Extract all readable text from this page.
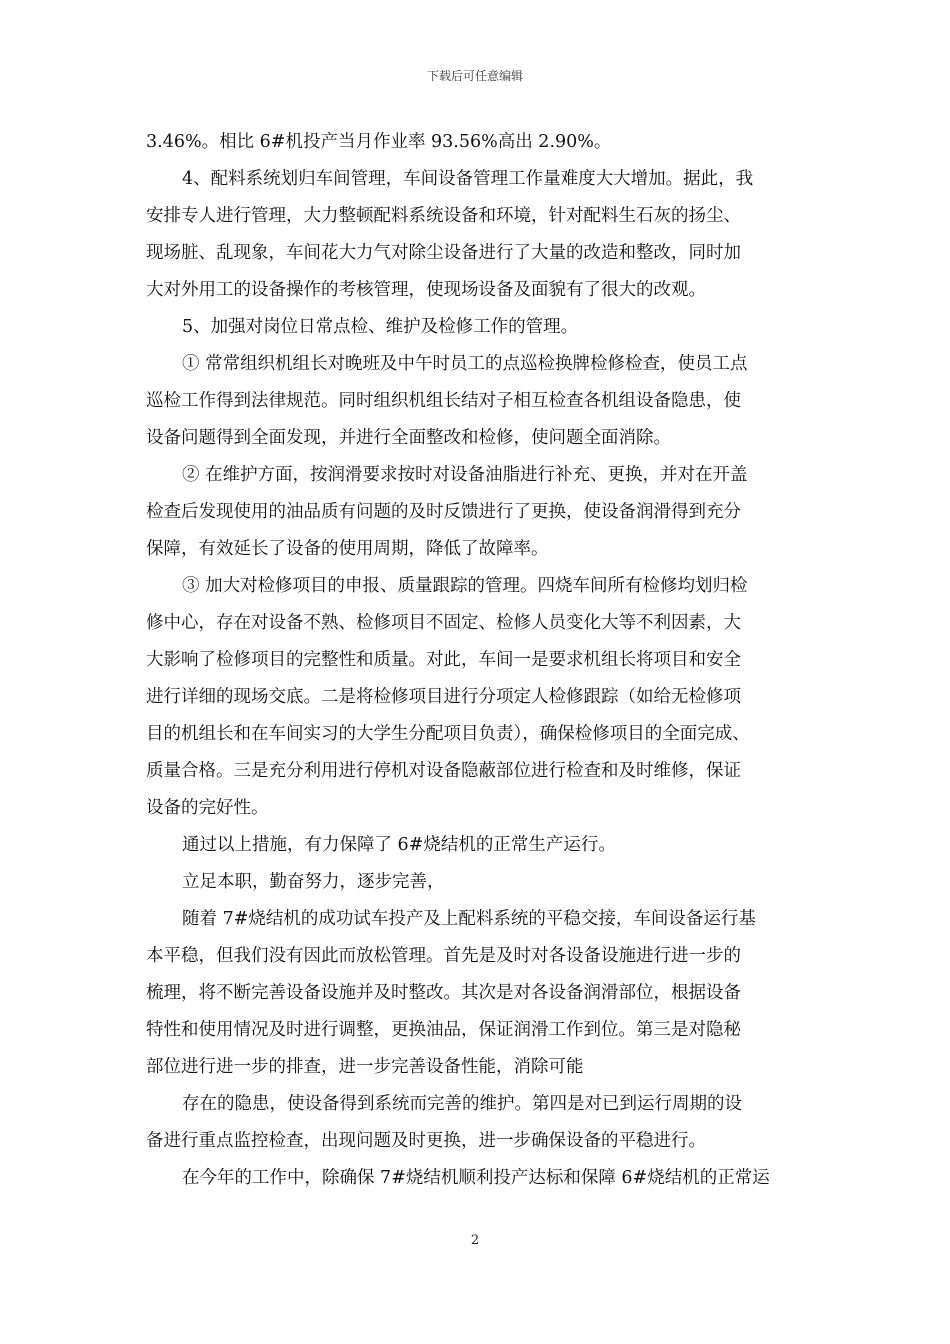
下载后可任意编辑
3.46%。相比 6#机投产当月作业率 93.56%高出 2.90%。
4、配料系统划归车间管理，车间设备管理工作量难度大大增加。据此，我
安排专人进行管理，大力整顿配料系统设备和环境，针对配料生石灰的扬尘、
现场脏、乱现象，车间花大力气对除尘设备进行了大量的改造和整改，同时加
大对外用工的设备操作的考核管理，使现场设备及面貌有了很大的改观。
5、加强对岗位日常点检、维护及检修工作的管理。
① 常常组织机组长对晚班及中午时员工的点巡检换牌检修检查，使员工点
巡检工作得到法律规范。同时组织机组长结对子相互检查各机组设备隐患，使
设备问题得到全面发现，并进行全面整改和检修，使问题全面消除。
② 在维护方面，按润滑要求按时对设备油脂进行补充、更换，并对在开盖
检查后发现使用的油品质有问题的及时反馈进行了更换，使设备润滑得到充分
保障，有效延长了设备的使用周期，降低了故障率。
③ 加大对检修项目的申报、质量跟踪的管理。四烧车间所有检修均划归检
修中心，存在对设备不熟、检修项目不固定、检修人员变化大等不利因素，大
大影响了检修项目的完整性和质量。对此，车间一是要求机组长将项目和安全
进行详细的现场交底。二是将检修项目进行分项定人检修跟踪（如给无检修项
目的机组长和在车间实习的大学生分配项目负责），确保检修项目的全面完成、
质量合格。三是充分利用进行停机对设备隐蔽部位进行检查和及时维修，保证
设备的完好性。
通过以上措施，有力保障了 6#烧结机的正常生产运行。
立足本职，勤奋努力，逐步完善，
随着 7#烧结机的成功试车投产及上配料系统的平稳交接，车间设备运行基
本平稳，但我们没有因此而放松管理。首先是及时对各设备设施进行进一步的
梳理，将不断完善设备设施并及时整改。其次是对各设备润滑部位，根据设备
特性和使用情况及时进行调整，更换油品，保证润滑工作到位。第三是对隐秘
部位进行进一步的排查，进一步完善设备性能，消除可能
存在的隐患，使设备得到系统而完善的维护。第四是对已到运行周期的设
备进行重点监控检查，出现问题及时更换，进一步确保设备的平稳进行。
在今年的工作中，除确保 7#烧结机顺利投产达标和保障 6#烧结机的正常运
2
